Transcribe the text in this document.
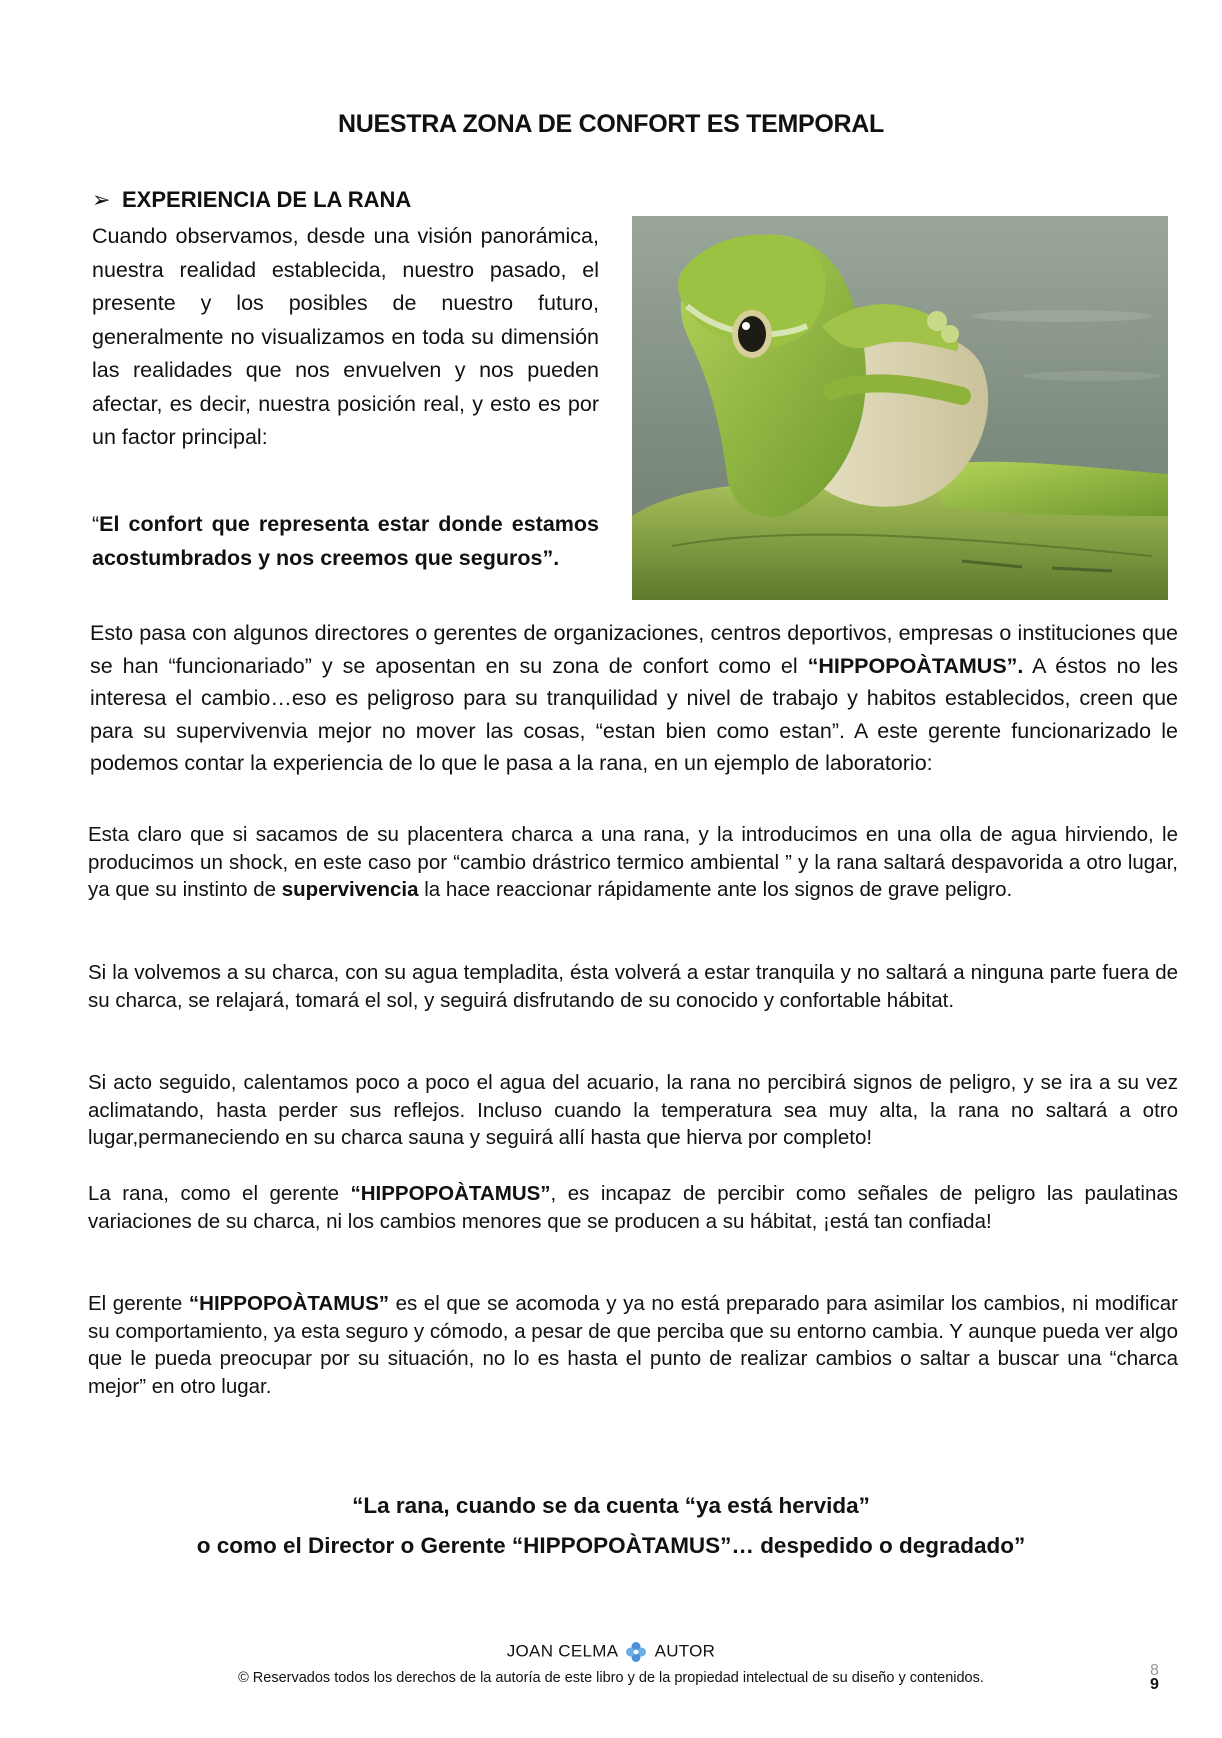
NUESTRA ZONA DE CONFORT ES TEMPORAL
➢ EXPERIENCIA DE LA RANA
Cuando observamos, desde una visión panorámica, nuestra realidad establecida, nuestro pasado, el presente y los posibles de nuestro futuro, generalmente no visualizamos en toda su dimensión las realidades que nos envuelven y nos pueden afectar, es decir, nuestra posición real, y esto es por un factor principal:
“El confort que representa estar donde estamos acostumbrados y nos creemos que seguros”.
Esto pasa con algunos directores o gerentes de organizaciones, centros deportivos, empresas o instituciones que se han “funcionariado” y se aposentan en su zona de confort como el “HIPPOPOÀTAMUS”. A éstos no les interesa el cambio…eso es peligroso para su tranquilidad y nivel de trabajo y habitos establecidos, creen que para su supervivenvia mejor no mover las cosas, “estan bien como estan”. A este gerente funcionarizado le podemos contar la experiencia de lo que le pasa a la rana, en un ejemplo de laboratorio:
Esta claro que si sacamos de su placentera charca a una rana, y la introducimos en una olla de agua hirviendo, le producimos un shock, en este caso por “cambio drástrico termico ambiental ” y la rana saltará despavorida a otro lugar, ya que su instinto de supervivencia la hace reaccionar rápidamente ante los signos de grave peligro.
Si la volvemos a su charca, con su agua templadita, ésta volverá a estar tranquila y no saltará a ninguna parte fuera de su charca, se relajará, tomará el sol, y seguirá disfrutando de su conocido y confortable hábitat.
Si acto seguido, calentamos poco a poco el agua del acuario, la rana no percibirá signos de peligro, y se ira a su vez aclimatando, hasta perder sus reflejos. Incluso cuando la temperatura sea muy alta, la rana no saltará a otro lugar,permaneciendo en su charca sauna y seguirá allí hasta que hierva por completo!
La rana, como el gerente “HIPPOPOÀTAMUS”, es incapaz de percibir como señales de peligro las paulatinas variaciones de su charca, ni los cambios menores que se producen a su hábitat, ¡está tan confiada!
El gerente “HIPPOPOÀTAMUS” es el que se acomoda y ya no está preparado para asimilar los cambios, ni modificar su comportamiento, ya esta seguro y cómodo, a pesar de que perciba que su entorno cambia. Y aunque pueda ver algo que le pueda preocupar por su situación, no lo es hasta el punto de realizar cambios o saltar a buscar una “charca mejor” en otro lugar.
“La rana, cuando se da cuenta “ya está hervida”
o como el Director o Gerente “HIPPOPOÀTAMUS”… despedido o degradado”
JOAN CELMA AUTOR
© Reservados todos los derechos de la autoría de este libro y de la propiedad intelectual de su diseño y contenidos.	8
9
